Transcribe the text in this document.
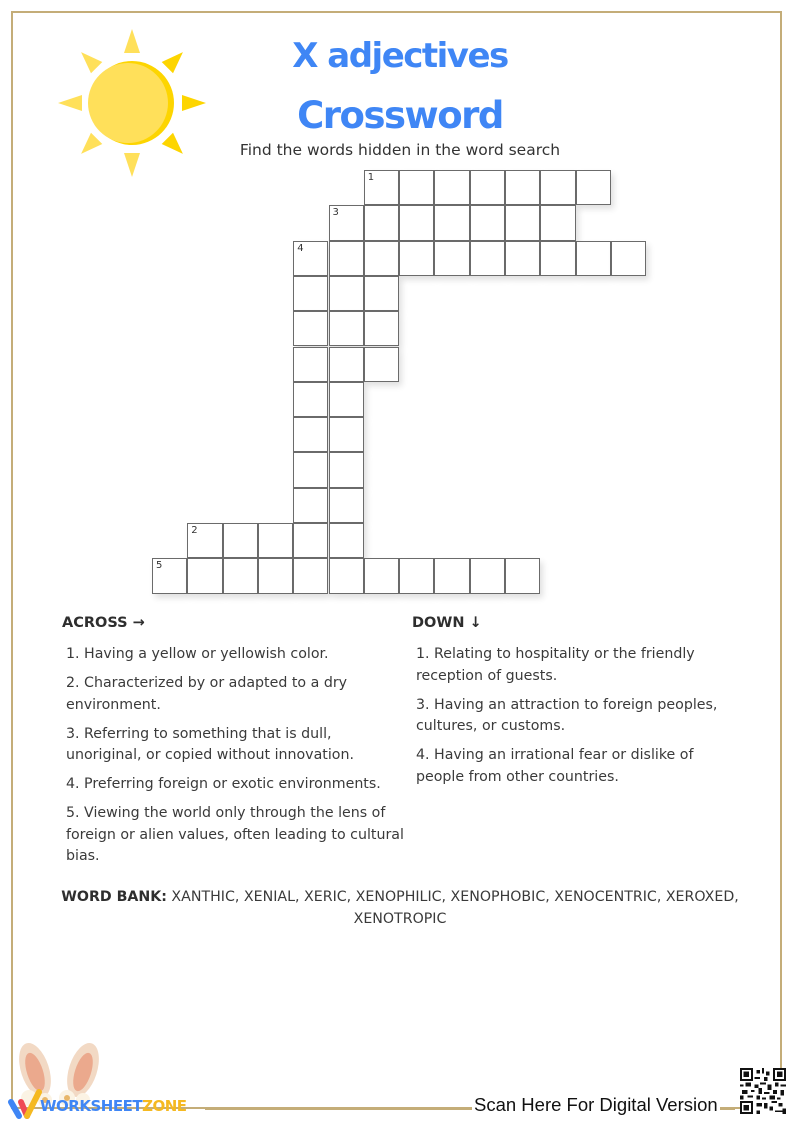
X adjectives
Crossword
Find the words hidden in the word search
1
3
4
2
5
ACROSS →	DOWN ↓
1. Having a yellow or yellowish color.
2. Characterized by or adapted to a dry environment.
3. Referring to something that is dull, unoriginal, or copied without innovation.
4. Preferring foreign or exotic environments.
5. Viewing the world only through the lens of foreign or alien values, often leading to cultural bias.
1. Relating to hospitality or the friendly reception of guests.
3. Having an attraction to foreign peoples, cultures, or customs.
4. Having an irrational fear or dislike of people from other countries.
WORD BANK: XANTHIC, XENIAL, XERIC, XENOPHILIC, XENOPHOBIC, XENOCENTRIC, XEROXED, XENOTROPIC
WORKSHEETZONE	Scan Here For Digital Version
